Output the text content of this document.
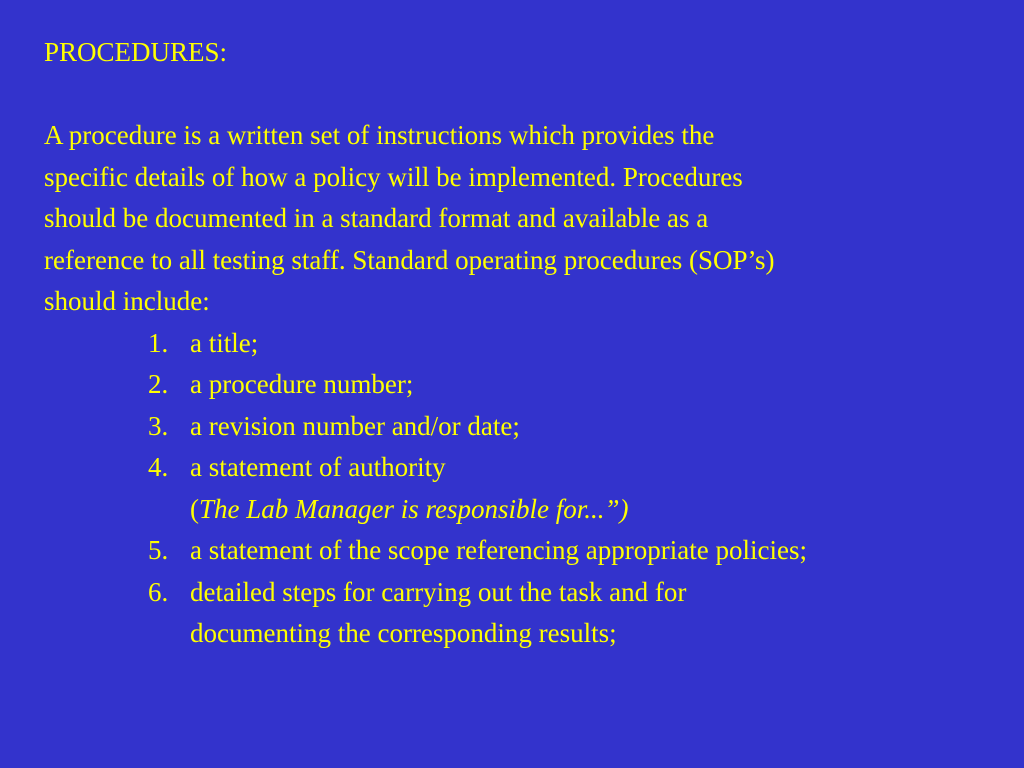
PROCEDURES:
A procedure is a written set of instructions which provides the
specific details of how a policy will be implemented. Procedures
should be documented in a standard format and available as a
reference to all testing staff. Standard operating procedures (SOP’s)
should include:
1. a title;
2. a procedure number;
3. a revision number and/or date;
4. a statement of authority
(The Lab Manager is responsible for...”)
5. a statement of the scope referencing appropriate policies;
6. detailed steps for carrying out the task and for
documenting the corresponding results;
